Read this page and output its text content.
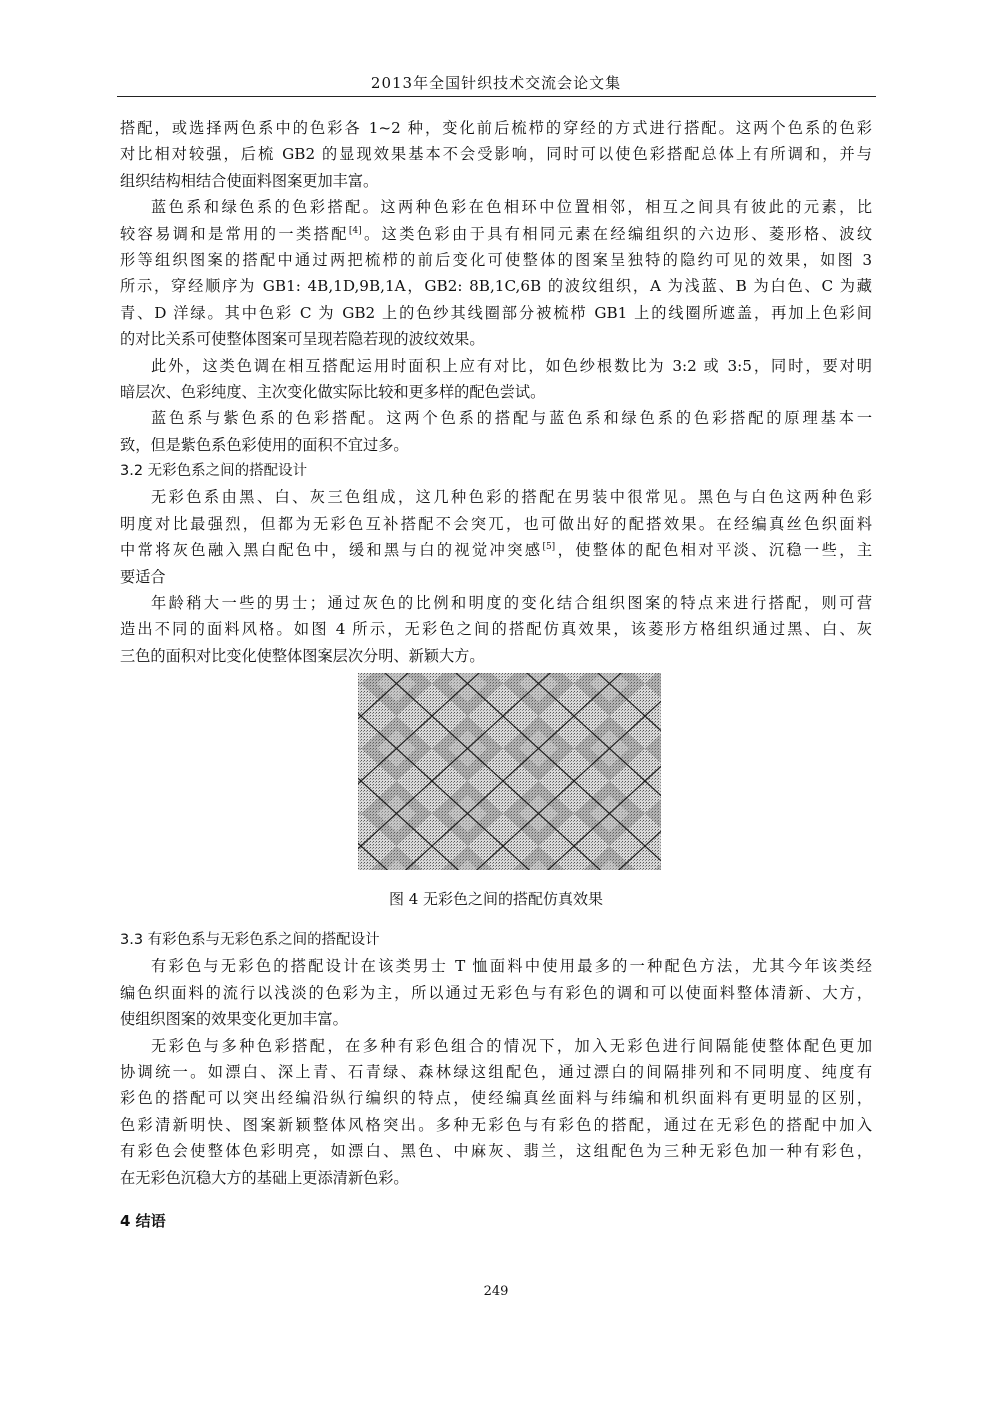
2013年全国针织技术交流会论文集
搭配，或选择两色系中的色彩各 1~2 种，变化前后梳栉的穿经的方式进行搭配。这两个色系的色彩
对比相对较强，后梳 GB2 的显现效果基本不会受影响，同时可以使色彩搭配总体上有所调和，并与
组织结构相结合使面料图案更加丰富。
蓝色系和绿色系的色彩搭配。这两种色彩在色相环中位置相邻，相互之间具有彼此的元素，比
较容易调和是常用的一类搭配[4]。这类色彩由于具有相同元素在经编组织的六边形、菱形格、波纹
形等组织图案的搭配中通过两把梳栉的前后变化可使整体的图案呈独特的隐约可见的效果，如图 3
所示，穿经顺序为 GB1: 4B,1D,9B,1A，GB2: 8B,1C,6B 的波纹组织，A 为浅蓝、B 为白色、C 为藏
青、D 洋绿。其中色彩 C 为 GB2 上的色纱其线圈部分被梳栉 GB1 上的线圈所遮盖，再加上色彩间
的对比关系可使整体图案可呈现若隐若现的波纹效果。
此外，这类色调在相互搭配运用时面积上应有对比，如色纱根数比为 3:2 或 3:5，同时，要对明
暗层次、色彩纯度、主次变化做实际比较和更多样的配色尝试。
蓝色系与紫色系的色彩搭配。这两个色系的搭配与蓝色系和绿色系的色彩搭配的原理基本一
致，但是紫色系色彩使用的面积不宜过多。
3.2 无彩色系之间的搭配设计
无彩色系由黑、白、灰三色组成，这几种色彩的搭配在男装中很常见。黑色与白色这两种色彩
明度对比最强烈，但都为无彩色互补搭配不会突兀，也可做出好的配搭效果。在经编真丝色织面料
中常将灰色融入黑白配色中，缓和黑与白的视觉冲突感[5]，使整体的配色相对平淡、沉稳一些，主
要适合
年龄稍大一些的男士；通过灰色的比例和明度的变化结合组织图案的特点来进行搭配，则可营
造出不同的面料风格。如图 4 所示，无彩色之间的搭配仿真效果，该菱形方格组织通过黑、白、灰
三色的面积对比变化使整体图案层次分明、新颖大方。
图 4 无彩色之间的搭配仿真效果
3.3 有彩色系与无彩色系之间的搭配设计
有彩色与无彩色的搭配设计在该类男士 T 恤面料中使用最多的一种配色方法，尤其今年该类经
编色织面料的流行以浅淡的色彩为主，所以通过无彩色与有彩色的调和可以使面料整体清新、大方，
使组织图案的效果变化更加丰富。
无彩色与多种色彩搭配，在多种有彩色组合的情况下，加入无彩色进行间隔能使整体配色更加
协调统一。如漂白、深上青、石青绿、森林绿这组配色，通过漂白的间隔排列和不同明度、纯度有
彩色的搭配可以突出经编沿纵行编织的特点，使经编真丝面料与纬编和机织面料有更明显的区别，
色彩清新明快、图案新颖整体风格突出。多种无彩色与有彩色的搭配，通过在无彩色的搭配中加入
有彩色会使整体色彩明亮，如漂白、黑色、中麻灰、翡兰，这组配色为三种无彩色加一种有彩色，
在无彩色沉稳大方的基础上更添清新色彩。
4 结语
249
